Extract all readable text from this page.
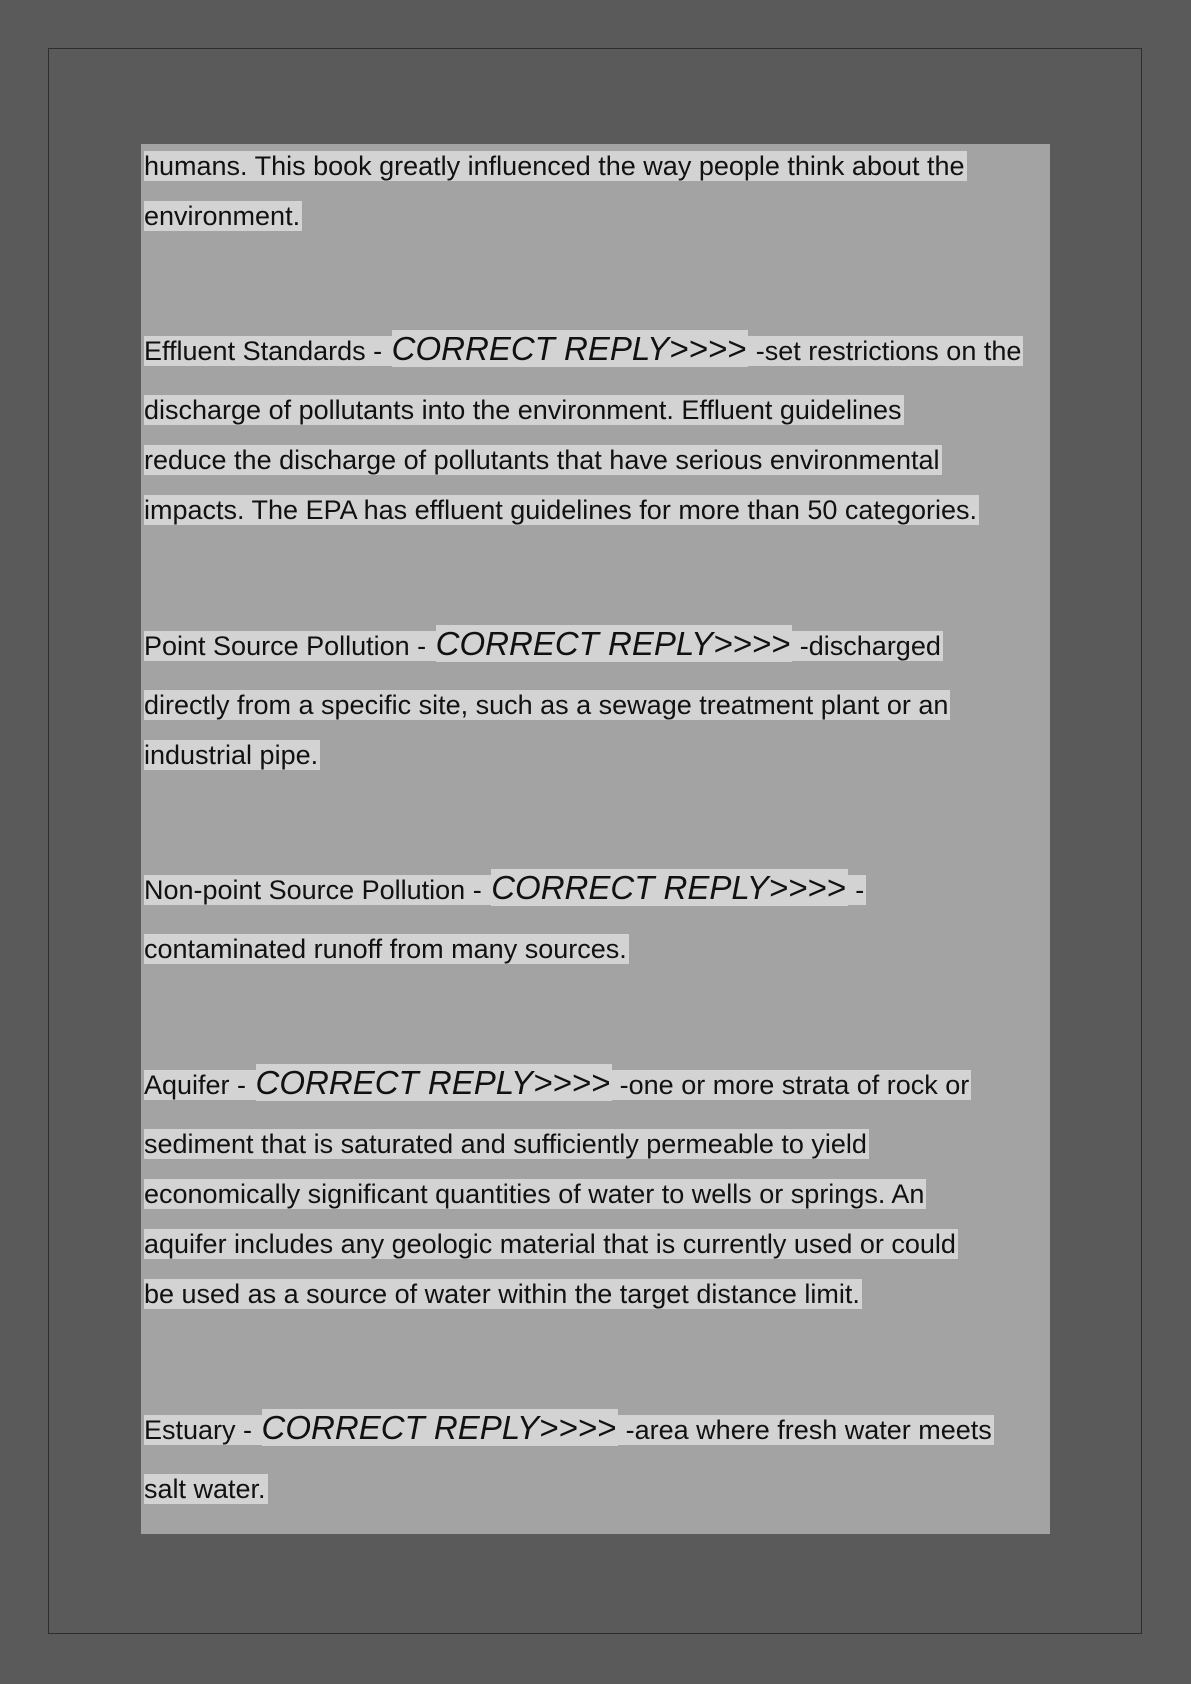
humans. This book greatly influenced the way people think about the
environment.
Effluent Standards - CORRECT REPLY>>>> -set restrictions on the
discharge of pollutants into the environment. Effluent guidelines
reduce the discharge of pollutants that have serious environmental
impacts. The EPA has effluent guidelines for more than 50 categories.
Point Source Pollution - CORRECT REPLY>>>> -discharged
directly from a specific site, such as a sewage treatment plant or an
industrial pipe.
Non-point Source Pollution - CORRECT REPLY>>>> -
contaminated runoff from many sources.
Aquifer - CORRECT REPLY>>>> -one or more strata of rock or
sediment that is saturated and sufficiently permeable to yield
economically significant quantities of water to wells or springs. An
aquifer includes any geologic material that is currently used or could
be used as a source of water within the target distance limit.
Estuary - CORRECT REPLY>>>> -area where fresh water meets
salt water.
